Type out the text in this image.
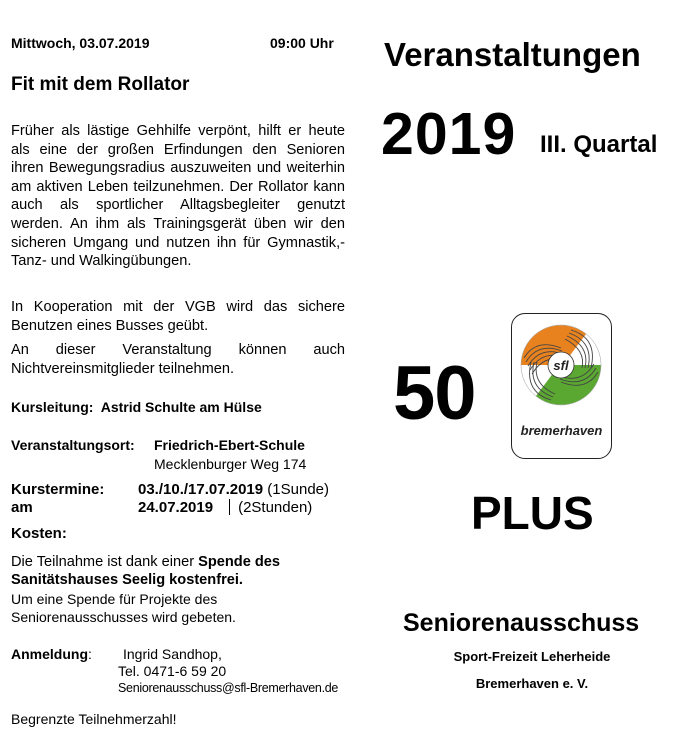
Mittwoch, 03.07.2019	09:00 Uhr
Fit mit dem Rollator
Früher als lästige Gehhilfe verpönt, hilft er heute als eine der großen Erfindungen den Senioren ihren Bewegungsradius auszuweiten und weiterhin am aktiven Leben teilzunehmen. Der Rollator kann auch als sportlicher Alltagsbegleiter genutzt werden. An ihm als Trainingsgerät üben wir den sicheren Umgang und nutzen ihn für Gymnastik,- Tanz- und Walkingübungen.
In Kooperation mit der VGB wird das sichere Benutzen eines Busses geübt.
An dieser Veranstaltung können auch Nichtvereinsmitglieder teilnehmen.
Kursleitung: Astrid Schulte am Hülse
Veranstaltungsort: Friedrich-Ebert-Schule
Mecklenburger Weg 174
Kurstermine:
am
03./10./17.07.2019 (1Sunde)
24.07.2019 (2Stunden)
Kosten:
Die Teilnahme ist dank einer Spende des Sanitätshauses Seelig kostenfrei.
Um eine Spende für Projekte des Seniorenausschusses wird gebeten.
Anmeldung: Ingrid Sandhop,
Tel. 0471-6 59 20
Seniorenausschuss@sfl-Bremerhaven.de
Begrenzte Teilnehmerzahl!
Veranstaltungen
2019 III. Quartal
50	sfl
bremerhaven
PLUS
Seniorenausschuss
Sport-Freizeit Leherheide
Bremerhaven e. V.
